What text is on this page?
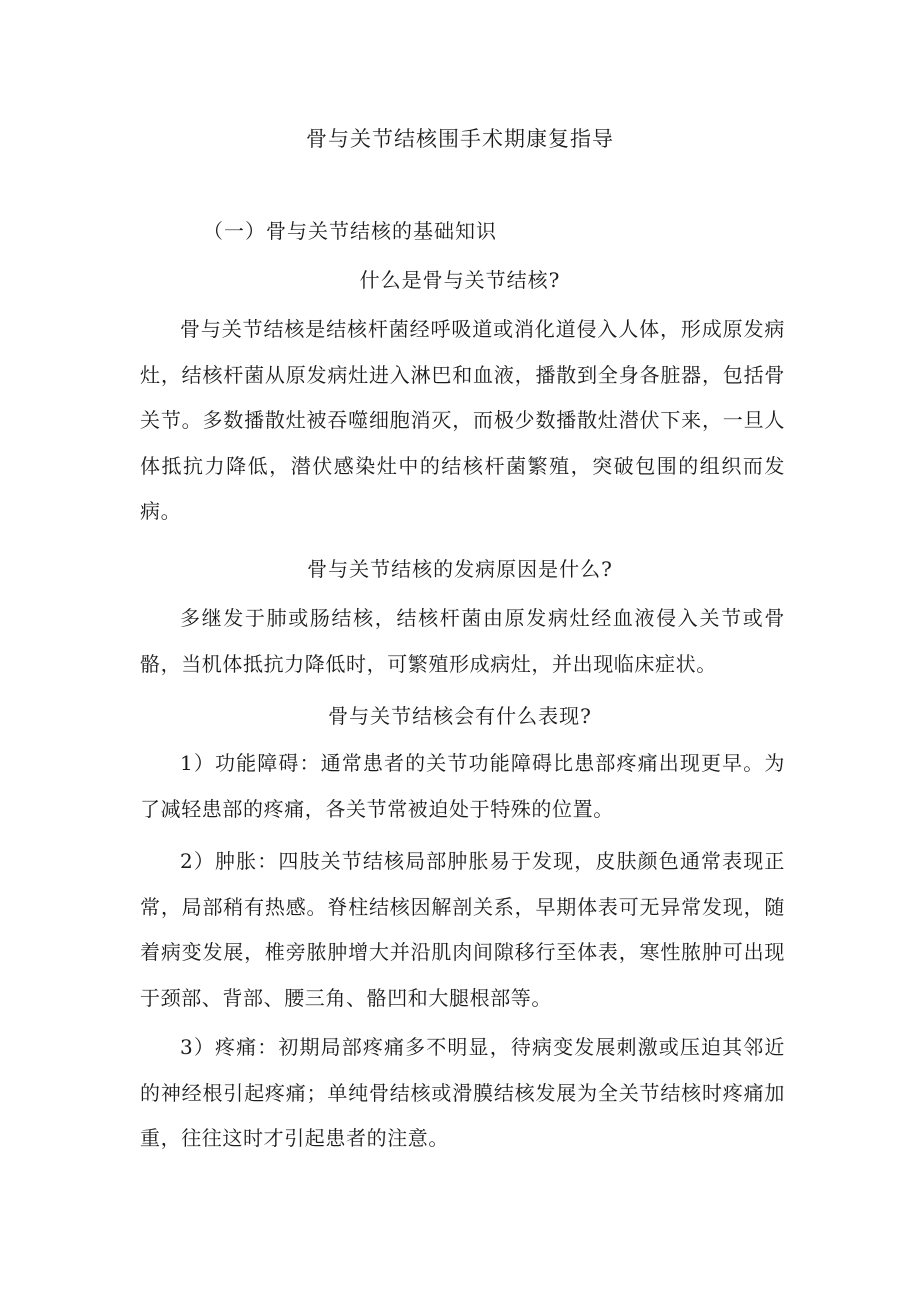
骨与关节结核围手术期康复指导
（一）骨与关节结核的基础知识

什么是骨与关节结核?

骨与关节结核是结核杆菌经呼吸道或消化道侵入人体，形成原发病灶，结核杆菌从原发病灶进入淋巴和血液，播散到全身各脏器，包括骨关节。多数播散灶被吞噬细胞消灭，而极少数播散灶潜伏下来，一旦人体抵抗力降低，潜伏感染灶中的结核杆菌繁殖，突破包围的组织而发病。

骨与关节结核的发病原因是什么?

多继发于肺或肠结核，结核杆菌由原发病灶经血液侵入关节或骨骼，当机体抵抗力降低时，可繁殖形成病灶，并出现临床症状。

骨与关节结核会有什么表现?

1）功能障碍：通常患者的关节功能障碍比患部疼痛出现更早。为了减轻患部的疼痛，各关节常被迫处于特殊的位置。

2）肿胀：四肢关节结核局部肿胀易于发现，皮肤颜色通常表现正常，局部稍有热感。脊柱结核因解剖关系，早期体表可无异常发现，随着病变发展，椎旁脓肿增大并沿肌肉间隙移行至体表，寒性脓肿可出现于颈部、背部、腰三角、骼凹和大腿根部等。

3）疼痛：初期局部疼痛多不明显，待病变发展刺激或压迫其邻近的神经根引起疼痛；单纯骨结核或滑膜结核发展为全关节结核时疼痛加重，往往这时才引起患者的注意。
